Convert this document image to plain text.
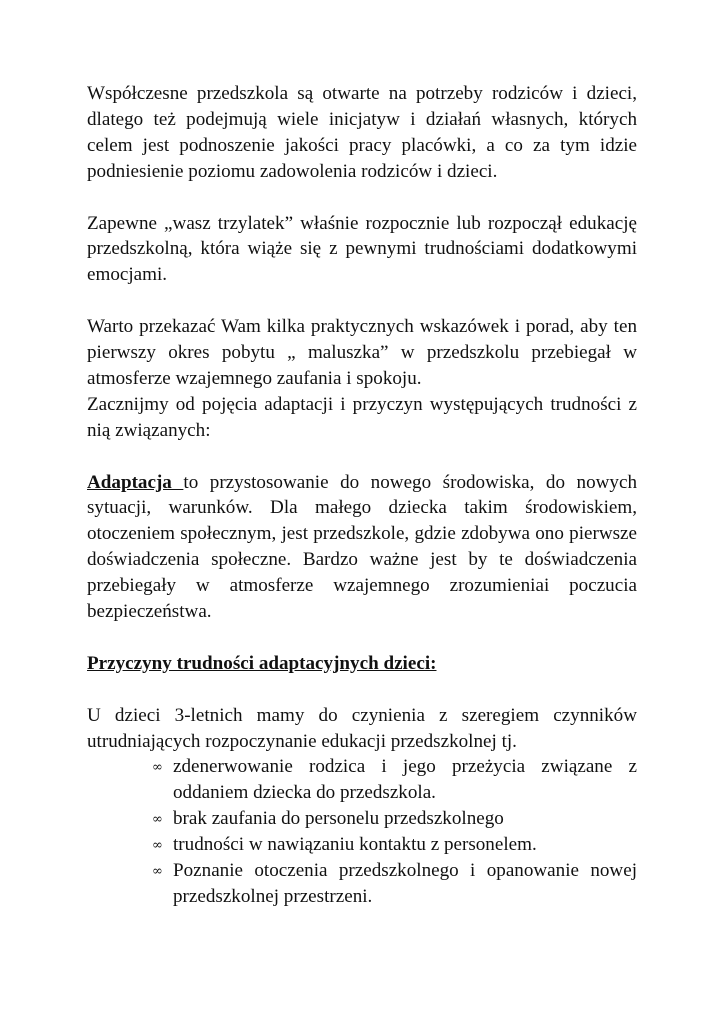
Współczesne przedszkola są otwarte na potrzeby rodziców i dzieci, dlatego też podejmują wiele inicjatyw i działań własnych, których celem jest podnoszenie jakości pracy placówki, a co za tym idzie podniesienie poziomu zadowolenia rodziców i dzieci.

Zapewne „wasz trzylatek” właśnie rozpocznie lub rozpoczął edukację przedszkolną, która wiąże się z pewnymi trudnościami dodatkowymi emocjami.

Warto przekazać Wam kilka praktycznych wskazówek i porad, aby ten pierwszy okres pobytu „ maluszka” w przedszkolu przebiegał w atmosferze wzajemnego zaufania i spokoju.

Zacznijmy od pojęcia adaptacji i przyczyn występujących trudności z nią związanych:

Adaptacja to przystosowanie do nowego środowiska, do nowych sytuacji, warunków. Dla małego dziecka takim środowiskiem, otoczeniem społecznym, jest przedszkole, gdzie zdobywa ono pierwsze doświadczenia społeczne. Bardzo ważne jest by te doświadczenia przebiegały w atmosferze wzajemnego zrozumieniai poczucia bezpieczeństwa.

Przyczyny trudności adaptacyjnych dzieci:

U dzieci 3-letnich mamy do czynienia z szeregiem czynników utrudniających rozpoczynanie edukacji przedszkolnej tj.

∞ zdenerwowanie rodzica i jego przeżycia związane z oddaniem dziecka do przedszkola.
∞ brak zaufania do personelu przedszkolnego
∞ trudności w nawiązaniu kontaktu z personelem.
∞ Poznanie otoczenia przedszkolnego i opanowanie nowej przedszkolnej przestrzeni.
